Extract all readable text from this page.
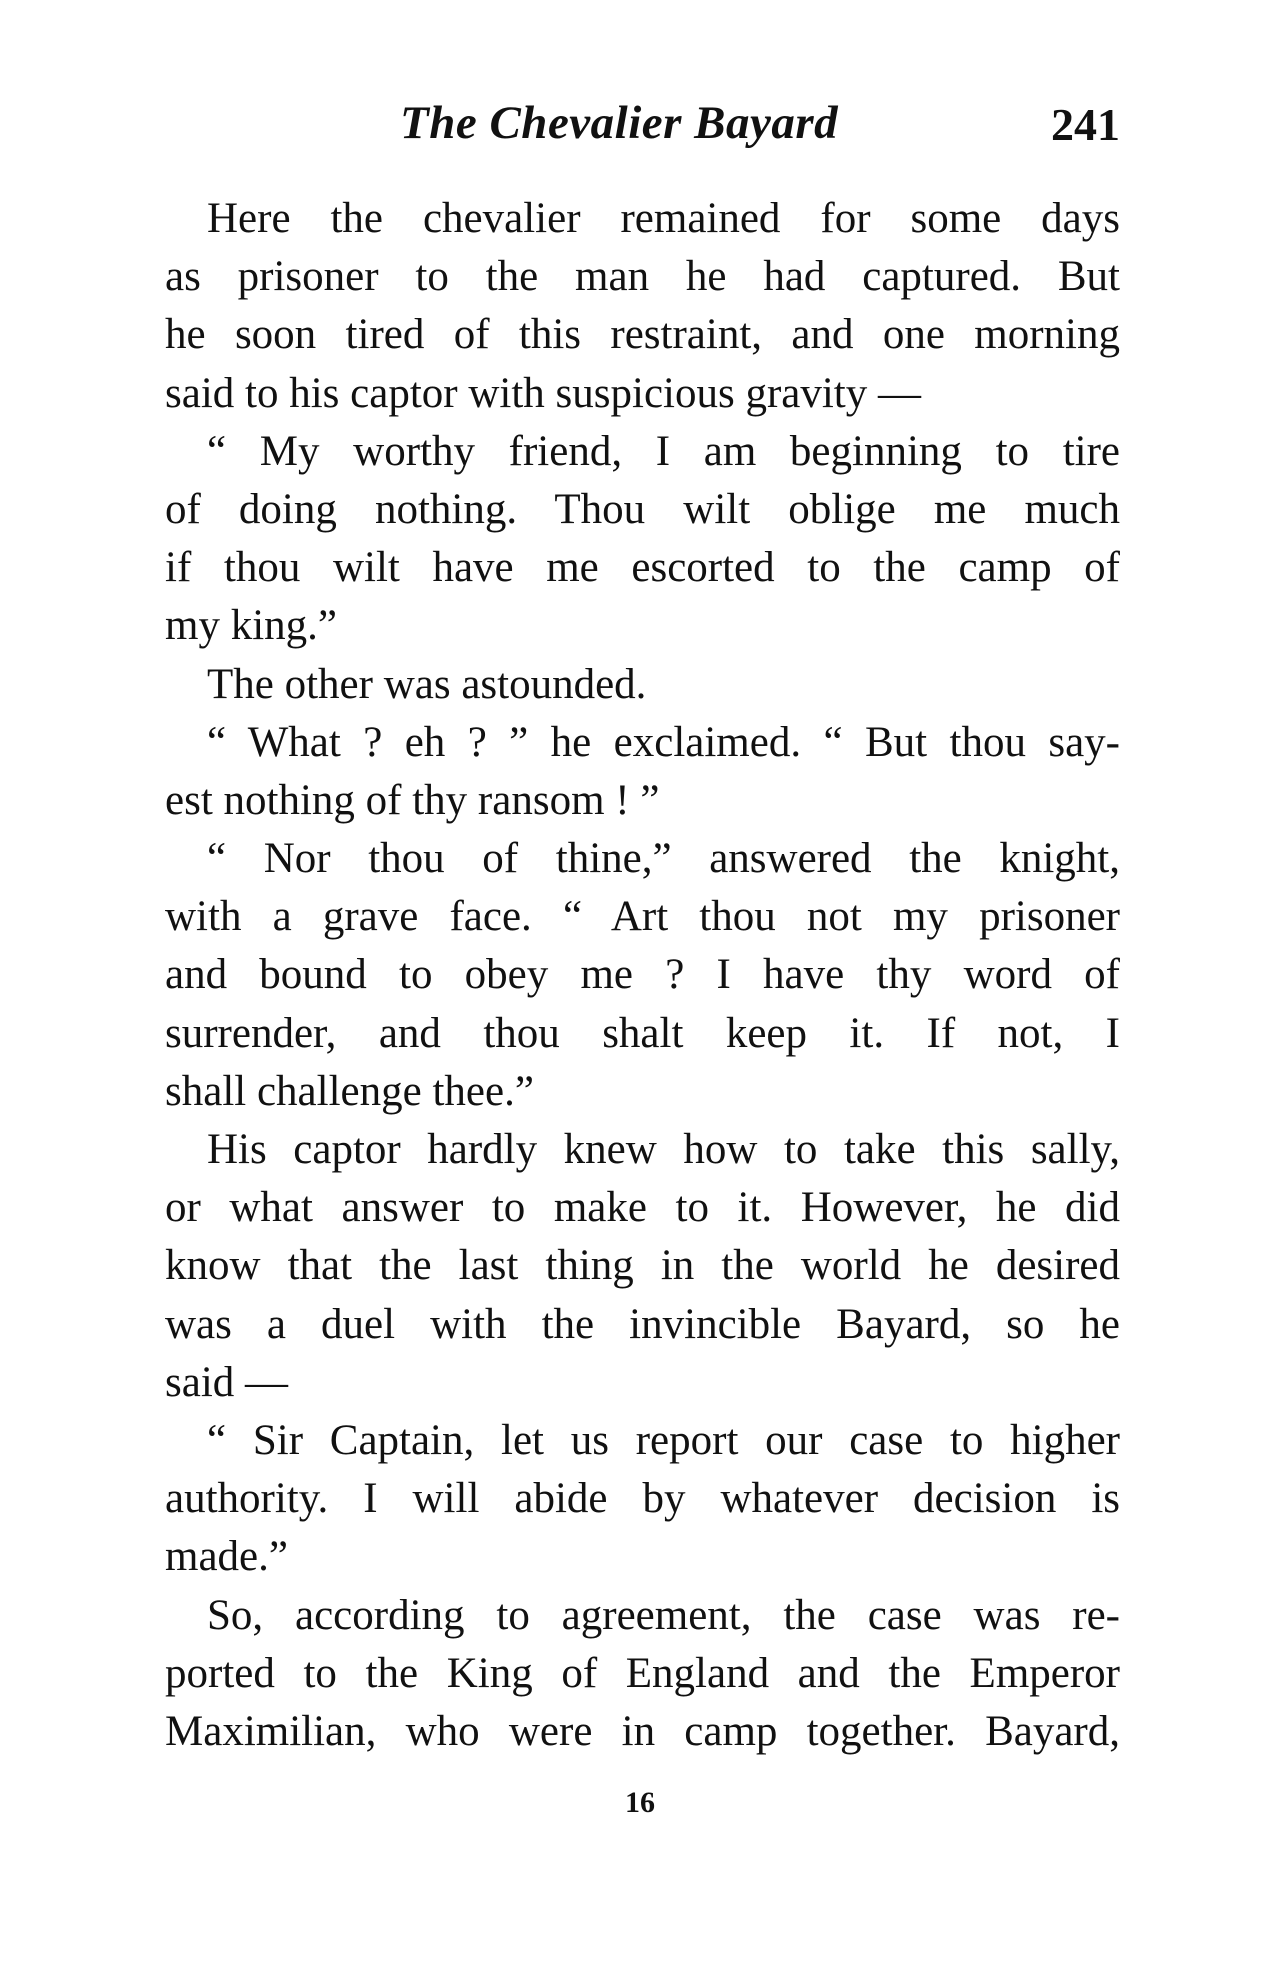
The Chevalier Bayard	241
Here the chevalier remained for some days
as prisoner to the man he had captured. But
he soon tired of this restraint, and one morning
said to his captor with suspicious gravity —
“ My worthy friend, I am beginning to tire
of doing nothing. Thou wilt oblige me much
if thou wilt have me escorted to the camp of
my king.”
The other was astounded.
“ What ? eh ? ” he exclaimed. “ But thou say-
est nothing of thy ransom ! ”
“ Nor thou of thine,” answered the knight,
with a grave face. “ Art thou not my prisoner
and bound to obey me ? I have thy word of
surrender, and thou shalt keep it. If not, I
shall challenge thee.”
His captor hardly knew how to take this sally,
or what answer to make to it. However, he did
know that the last thing in the world he desired
was a duel with the invincible Bayard, so he
said —
“ Sir Captain, let us report our case to higher
authority. I will abide by whatever decision is
made.”
So, according to agreement, the case was re-
ported to the King of England and the Emperor
Maximilian, who were in camp together. Bayard,
16
